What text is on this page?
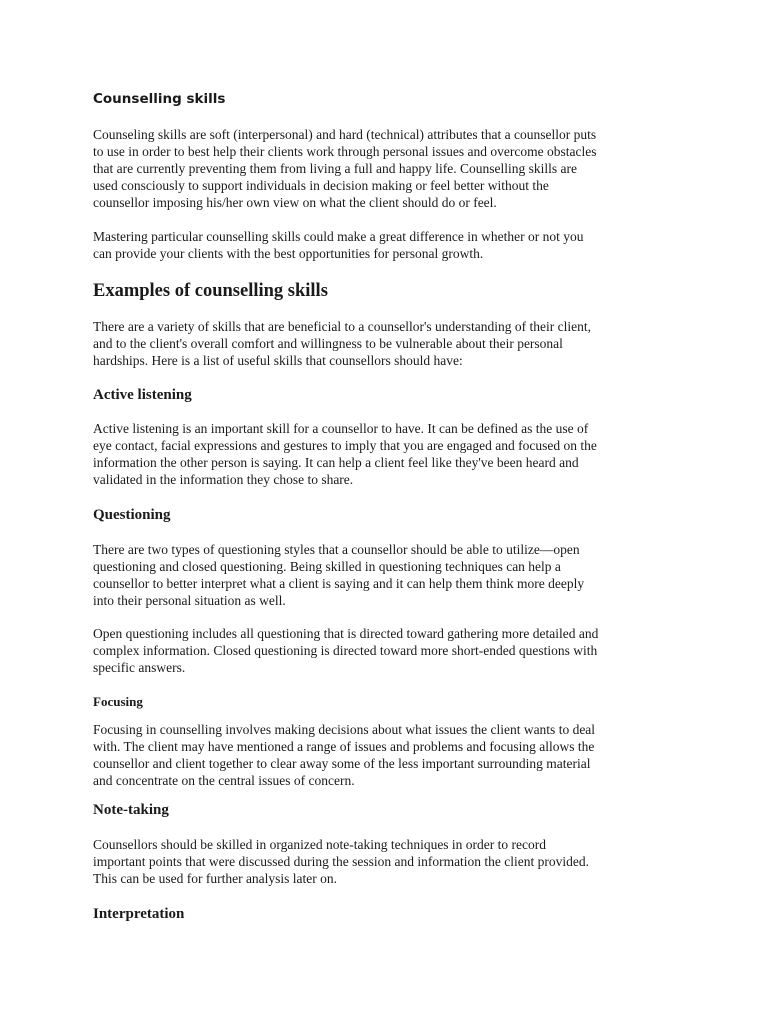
Counselling skills

Counseling skills are soft (interpersonal) and hard (technical) attributes that a counsellor puts
to use in order to best help their clients work through personal issues and overcome obstacles
that are currently preventing them from living a full and happy life. Counselling skills are
used consciously to support individuals in decision making or feel better without the
counsellor imposing his/her own view on what the client should do or feel.

Mastering particular counselling skills could make a great difference in whether or not you
can provide your clients with the best opportunities for personal growth.

Examples of counselling skills

There are a variety of skills that are beneficial to a counsellor's understanding of their client,
and to the client's overall comfort and willingness to be vulnerable about their personal
hardships. Here is a list of useful skills that counsellors should have:

Active listening

Active listening is an important skill for a counsellor to have. It can be defined as the use of
eye contact, facial expressions and gestures to imply that you are engaged and focused on the
information the other person is saying. It can help a client feel like they've been heard and
validated in the information they chose to share.

Questioning

There are two types of questioning styles that a counsellor should be able to utilize—open
questioning and closed questioning. Being skilled in questioning techniques can help a
counsellor to better interpret what a client is saying and it can help them think more deeply
into their personal situation as well.

Open questioning includes all questioning that is directed toward gathering more detailed and
complex information. Closed questioning is directed toward more short-ended questions with
specific answers.

Focusing

Focusing in counselling involves making decisions about what issues the client wants to deal
with. The client may have mentioned a range of issues and problems and focusing allows the
counsellor and client together to clear away some of the less important surrounding material
and concentrate on the central issues of concern.

Note-taking

Counsellors should be skilled in organized note-taking techniques in order to record
important points that were discussed during the session and information the client provided.
This can be used for further analysis later on.

Interpretation
